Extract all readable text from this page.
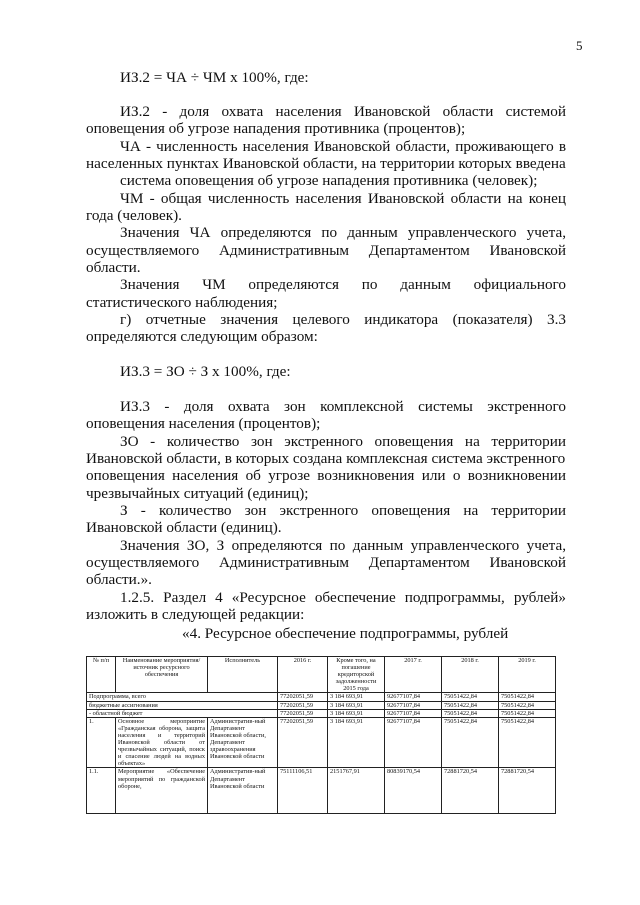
5
ИЗ.2 = ЧА ÷ ЧМ х 100%, где:
ИЗ.2 - доля охвата населения Ивановской области системой
оповещения об угрозе нападения противника (процентов);
ЧА - численность населения Ивановской области, проживающего в
населенных пунктах Ивановской области, на территории которых введена
система оповещения об угрозе нападения противника (человек);
ЧМ - общая численность населения Ивановской области на конец
года (человек).
Значения ЧА определяются по данным управленческого учета,
осуществляемого Административным Департаментом Ивановской
области.
Значения ЧМ определяются по данным официального
статистического наблюдения;
г) отчетные значения целевого индикатора (показателя) 3.3
определяются следующим образом:
ИЗ.3 = ЗО ÷ З х 100%, где:
ИЗ.3 - доля охвата зон комплексной системы экстренного
оповещения населения (процентов);
ЗО - количество зон экстренного оповещения на территории
Ивановской области, в которых создана комплексная система экстренного
оповещения населения об угрозе возникновения или о возникновении
чрезвычайных ситуаций (единиц);
З - количество зон экстренного оповещения на территории
Ивановской области (единиц).
Значения ЗО, З определяются по данным управленческого учета,
осуществляемого Административным Департаментом Ивановской
области.».
1.2.5. Раздел 4 «Ресурсное обеспечение подпрограммы, рублей»
изложить в следующей редакции:
«4. Ресурсное обеспечение подпрограммы, рублей
№ п/п	Наименование мероприятия/источник ресурсного обеспечения	Исполнитель	2016 г.	Кроме того, на погашение кредиторской задолженности 2015 года	2017 г.	2018 г.	2019 г.
Подпрограмма, всего			77202051,59	3 184 693,91	92677107,84	75051422,84	75051422,84
бюджетные ассигнования			77202051,59	3 184 693,91	92677107,84	75051422,84	75051422,84
- областной бюджет			77202051,59	3 184 693,91	92677107,84	75051422,84	75051422,84
1.	Основное мероприятие «Гражданская оборона, защита населения и территорий Ивановской области от чрезвычайных ситуаций, поиск и спасение людей на водных объектах»	Административ-ный Департамент Ивановской области, Департамент здравоохранения Ивановской области	77202051,59	3 184 693,91	92677107,84	75051422,84	75051422,84
1.1.	Мероприятие «Обеспечение мероприятий по гражданской обороне,	Административ-ный Департамент Ивановской области	75111106,51	2151767,91	80839170,54	72881720,54	72881720,54
